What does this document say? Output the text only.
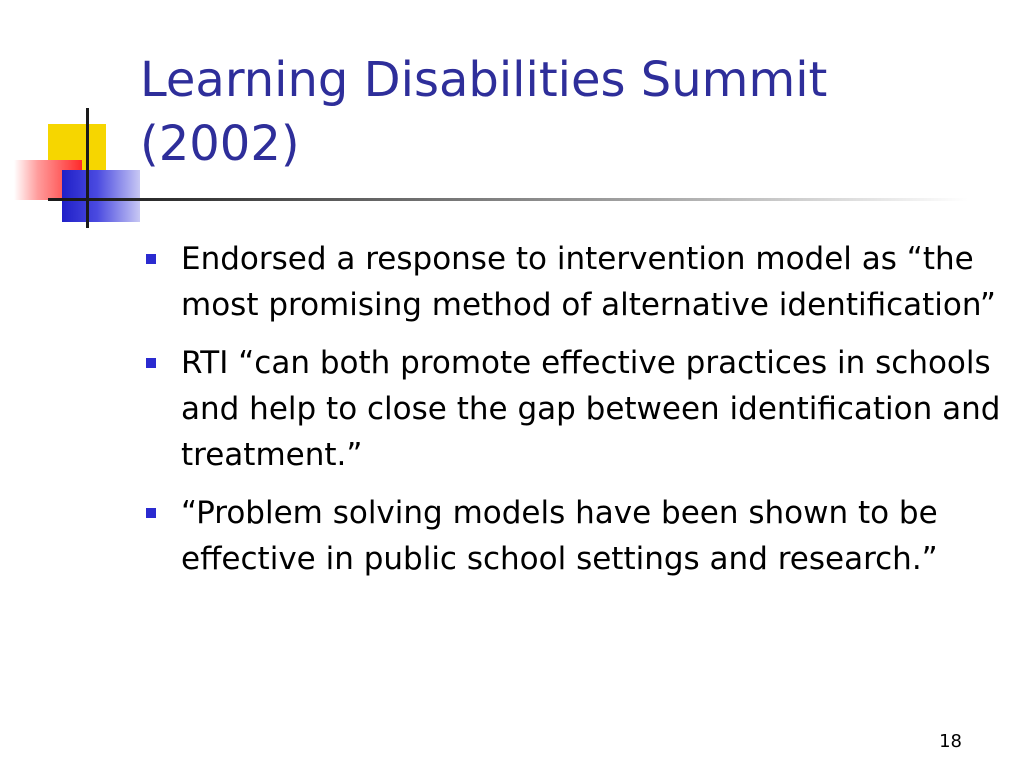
Learning Disabilities Summit (2002)
Endorsed a response to intervention model as “the most promising method of alternative identification”
RTI “can both promote effective practices in schools and help to close the gap between identification and treatment.”
“Problem solving models have been shown to be effective in public school settings and research.”
18
